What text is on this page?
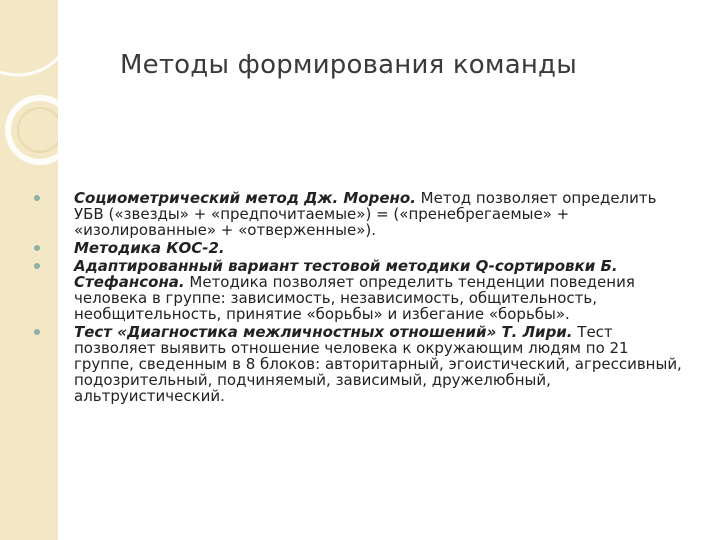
Методы формирования команды
Социометрический метод Дж. Морено. Метод позволяет определить УБВ («звезды» + «предпочитаемые») = («пренебрегаемые» + «изолированные» + «отверженные»).
Методика КОС-2.
Адаптированный вариант тестовой методики Q-сортировки Б. Стефансона. Методика позволяет определить тенденции поведения человека в группе: зависимость, независимость, общительность, необщительность, принятие «борьбы» и избегание «борьбы».
Тест «Диагностика межличностных отношений» Т. Лири. Тест позволяет выявить отношение человека к окружающим людям по 21 группе, сведенным в 8 блоков: авторитарный, эгоистический, агрессивный, подозрительный, подчиняемый, зависимый, дружелюбный, альтруистический.
